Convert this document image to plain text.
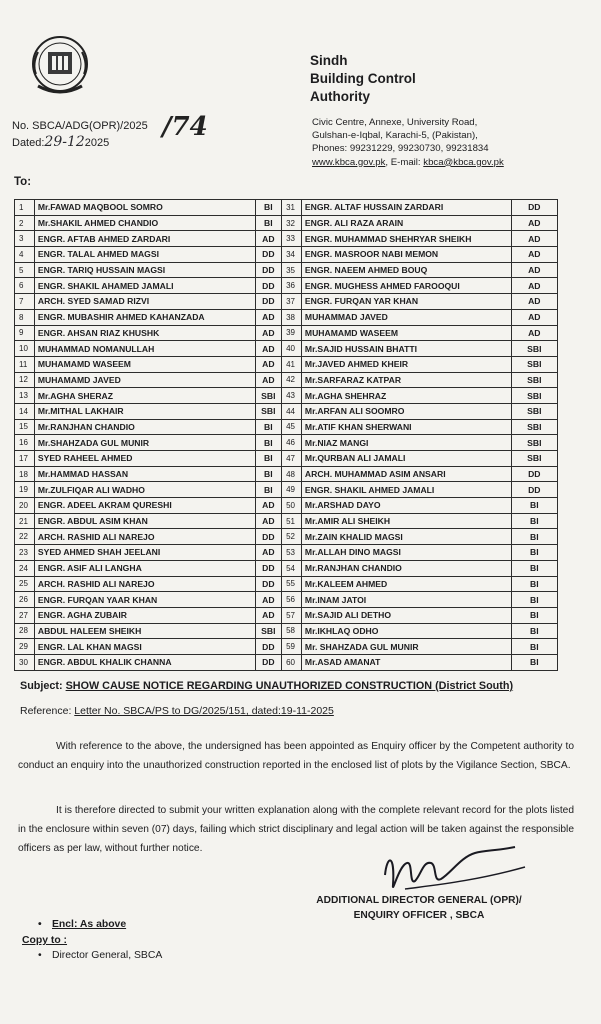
Sindh
Building Control
Authority
No. SBCA/ADG(OPR)/2025 /74
Dated:29-122025
Civic Centre, Annexe, University Road,
Gulshan-e-Iqbal, Karachi-5, (Pakistan),
Phones: 99231229, 99230730, 99231834
www.kbca.gov.pk, E-mail: kbca@kbca.gov.pk
To:
1	Mr.FAWAD MAQBOOL SOMRO	BI	31	ENGR. ALTAF HUSSAIN ZARDARI	DD
2	Mr.SHAKIL AHMED CHANDIO	BI	32	ENGR. ALI RAZA ARAIN	AD
3	ENGR. AFTAB AHMED ZARDARI	AD	33	ENGR. MUHAMMAD SHEHRYAR SHEIKH	AD
4	ENGR. TALAL AHMED MAGSI	DD	34	ENGR. MASROOR NABI MEMON	AD
5	ENGR. TARIQ HUSSAIN MAGSI	DD	35	ENGR. NAEEM AHMED BOUQ	AD
6	ENGR. SHAKIL AHAMED JAMALI	DD	36	ENGR. MUGHESS AHMED FAROOQUI	AD
7	ARCH. SYED SAMAD RIZVI	DD	37	ENGR. FURQAN YAR KHAN	AD
8	ENGR. MUBASHIR AHMED KAHANZADA	AD	38	MUHAMMAD JAVED	AD
9	ENGR. AHSAN RIAZ KHUSHK	AD	39	MUHAMAMD WASEEM	AD
10	MUHAMMAD NOMANULLAH	AD	40	Mr.SAJID HUSSAIN BHATTI	SBI
11	MUHAMAMD WASEEM	AD	41	Mr.JAVED AHMED KHEIR	SBI
12	MUHAMAMD JAVED	AD	42	Mr.SARFARAZ KATPAR	SBI
13	Mr.AGHA SHERAZ	SBI	43	Mr.AGHA SHEHRAZ	SBI
14	Mr.MITHAL LAKHAIR	SBI	44	Mr.ARFAN ALI SOOMRO	SBI
15	Mr.RANJHAN CHANDIO	BI	45	Mr.ATIF KHAN SHERWANI	SBI
16	Mr.SHAHZADA GUL MUNIR	BI	46	Mr.NIAZ MANGI	SBI
17	SYED RAHEEL AHMED	BI	47	Mr.QURBAN ALI JAMALI	SBI
18	Mr.HAMMAD HASSAN	BI	48	ARCH. MUHAMMAD ASIM ANSARI	DD
19	Mr.ZULFIQAR ALI WADHO	BI	49	ENGR. SHAKIL AHMED JAMALI	DD
20	ENGR. ADEEL AKRAM QURESHI	AD	50	Mr.ARSHAD DAYO	BI
21	ENGR. ABDUL ASIM KHAN	AD	51	Mr.AMIR ALI SHEIKH	BI
22	ARCH. RASHID ALI NAREJO	DD	52	Mr.ZAIN KHALID MAGSI	BI
23	SYED AHMED SHAH JEELANI	AD	53	Mr.ALLAH DINO MAGSI	BI
24	ENGR. ASIF ALI LANGHA	DD	54	Mr.RANJHAN CHANDIO	BI
25	ARCH. RASHID ALI NAREJO	DD	55	Mr.KALEEM AHMED	BI
26	ENGR. FURQAN YAAR KHAN	AD	56	Mr.INAM JATOI	BI
27	ENGR. AGHA ZUBAIR	AD	57	Mr.SAJID ALI DETHO	BI
28	ABDUL HALEEM SHEIKH	SBI	58	Mr.IKHLAQ ODHO	BI
29	ENGR. LAL KHAN MAGSI	DD	59	Mr. SHAHZADA GUL MUNIR	BI
30	ENGR. ABDUL KHALIK CHANNA	DD	60	Mr.ASAD AMANAT	BI
Subject: SHOW CAUSE NOTICE REGARDING UNAUTHORIZED CONSTRUCTION (District South)
Reference: Letter No. SBCA/PS to DG/2025/151, dated:19-11-2025
With reference to the above, the undersigned has been appointed as Enquiry officer by the Competent authority to conduct an enquiry into the unauthorized construction reported in the enclosed list of plots by the Vigilance Section, SBCA.
It is therefore directed to submit your written explanation along with the complete relevant record for the plots listed in the enclosure within seven (07) days, failing which strict disciplinary and legal action will be taken against the responsible officers as per law, without further notice.
ADDITIONAL DIRECTOR GENERAL (OPR)/
ENQUIRY OFFICER , SBCA
• Encl: As above
Copy to :
• Director General, SBCA
